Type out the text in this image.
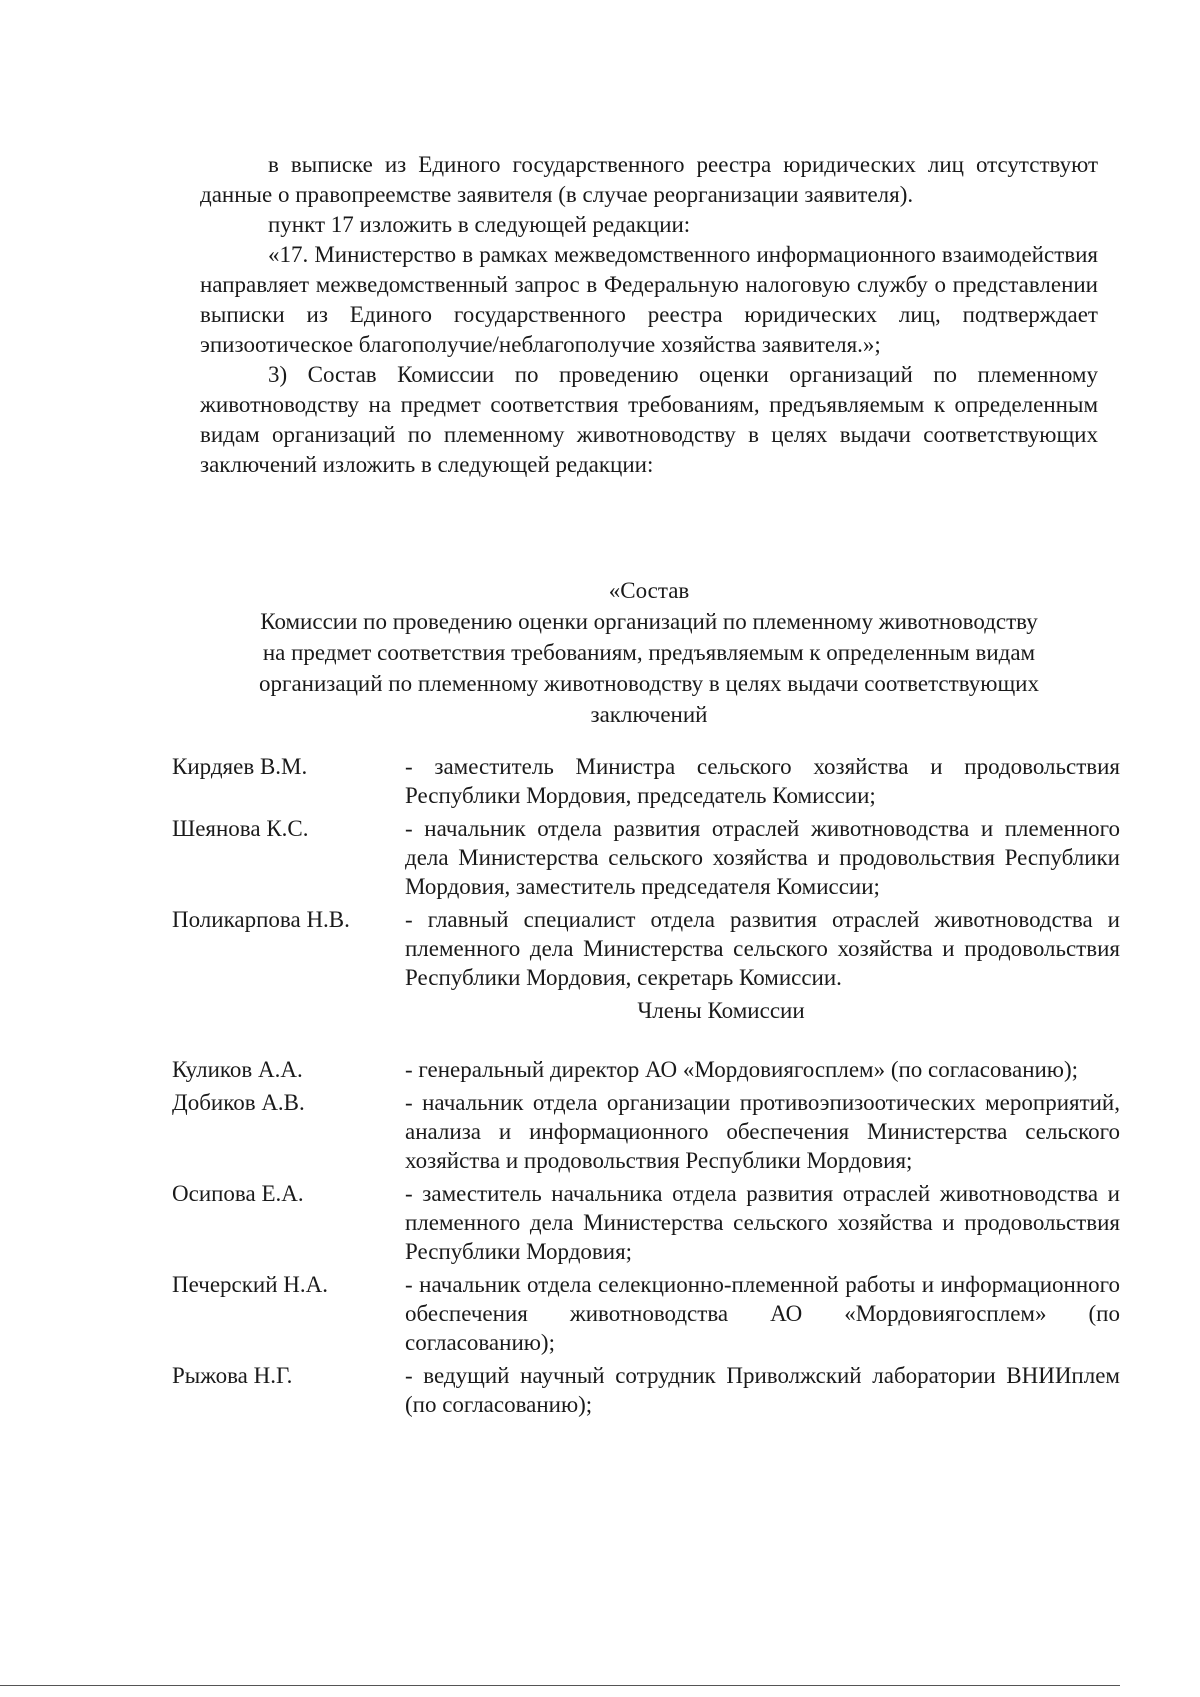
в выписке из Единого государственного реестра юридических лиц отсутствуют данные о правопреемстве заявителя (в случае реорганизации заявителя).

пункт 17 изложить в следующей редакции:

«17. Министерство в рамках межведомственного информационного взаимодействия направляет межведомственный запрос в Федеральную налоговую службу о представлении выписки из Единого государственного реестра юридических лиц, подтверждает эпизоотическое благополучие/неблагополучие хозяйства заявителя.»;

3) Состав Комиссии по проведению оценки организаций по племенному животноводству на предмет соответствия требованиям, предъявляемым к определенным видам организаций по племенному животноводству в целях выдачи соответствующих заключений изложить в следующей редакции:

«Состав
Комиссии по проведению оценки организаций по племенному животноводству
на предмет соответствия требованиям, предъявляемым к определенным видам
организаций по племенному животноводству в целях выдачи соответствующих
заключений
Кирдяев В.М.	- заместитель Министра сельского хозяйства и продовольствия Республики Мордовия, председатель Комиссии;
Шеянова К.С.	- начальник отдела развития отраслей животноводства и племенного дела Министерства сельского хозяйства и продовольствия Республики Мордовия, заместитель председателя Комиссии;
Поликарпова Н.В.	- главный специалист отдела развития отраслей животноводства и племенного дела Министерства сельского хозяйства и продовольствия Республики Мордовия, секретарь Комиссии.
Члены Комиссии
Куликов А.А.	- генеральный директор АО «Мордовиягосплем» (по согласованию);
Добиков А.В.	- начальник отдела организации противоэпизоотических мероприятий, анализа и информационного обеспечения Министерства сельского хозяйства и продовольствия Республики Мордовия;
Осипова Е.А.	- заместитель начальника отдела развития отраслей животноводства и племенного дела Министерства сельского хозяйства и продовольствия Республики Мордовия;
Печерский Н.А.	- начальник отдела селекционно-племенной работы и информационного обеспечения животноводства АО «Мордовиягосплем» (по согласованию);
Рыжова Н.Г.	- ведущий научный сотрудник Приволжский лаборатории ВНИИплем (по согласованию);
